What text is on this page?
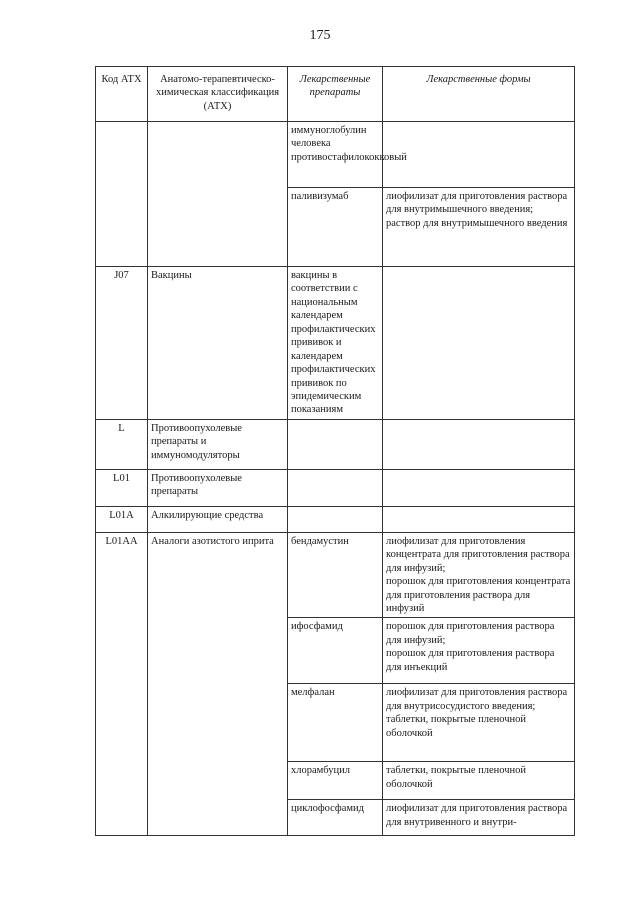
175
Код АТХ	Анатомо-терапевтическо-химическая классификация (АТХ)	Лекарственные препараты	Лекарственные формы
		иммуноглобулин человека противостафилококковый	
		паливизумаб	лиофилизат для приготовления раствора для внутримышечного введения;
раствор для внутримышечного введения

J07	Вакцины	вакцины в соответствии с национальным календарем профилактических прививок и календарем профилактических прививок по эпидемическим показаниям	
L	Противоопухолевые препараты и иммуномодуляторы		
L01	Противоопухолевые препараты		
L01A	Алкилирующие средства		
L01AA	Аналоги азотистого иприта	бендамустин	лиофилизат для приготовления концентрата для приготовления раствора для инфузий;
порошок для приготовления концентрата для приготовления раствора для инфузий

		ифосфамид	порошок для приготовления раствора для инфузий;
порошок для приготовления раствора для инъекций

		мелфалан	лиофилизат для приготовления раствора для внутрисосудистого введения;
таблетки, покрытые пленочной оболочкой

		хлорамбуцил	таблетки, покрытые пленочной оболочкой

		циклофосфамид	лиофилизат для приготовления раствора для внутривенного и внутри-
